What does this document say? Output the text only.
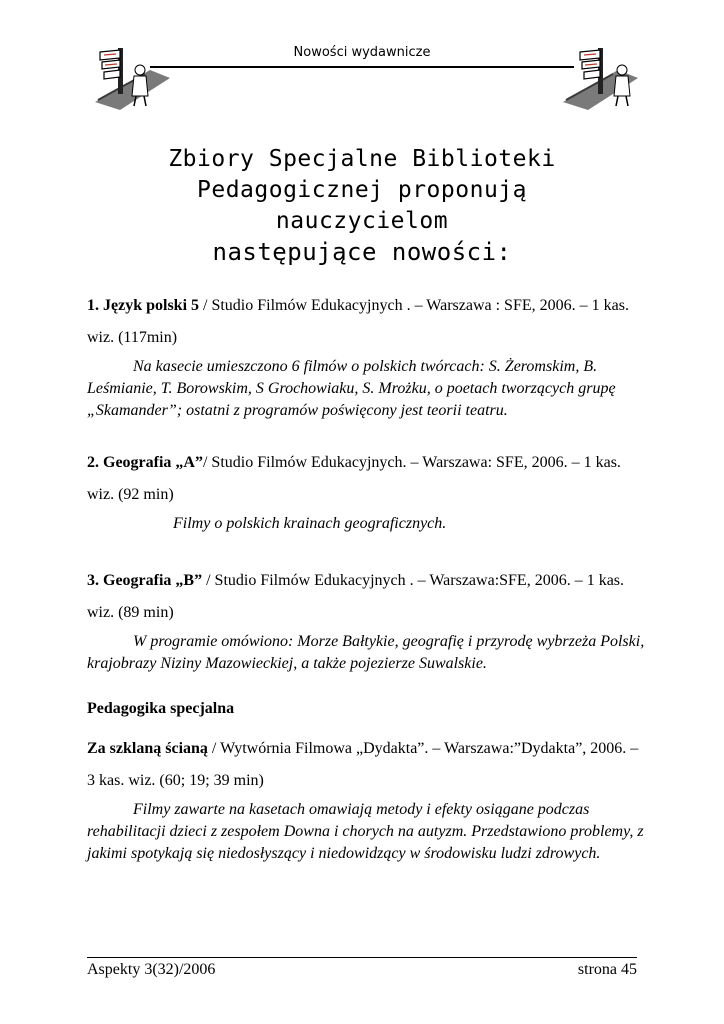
Nowości wydawnicze
Zbiory Specjalne Biblioteki
Pedagogicznej proponują
nauczycielom
następujące nowości:
1. Język polski 5 / Studio Filmów Edukacyjnych . – Warszawa : SFE, 2006. – 1 kas. wiz. (117min)
Na kasecie umieszczono 6 filmów o polskich twórcach: S. Żeromskim, B. Leśmianie, T. Borowskim, S Grochowiaku, S. Mrożku, o poetach tworzących grupę „Skamander”; ostatni z programów poświęcony jest teorii teatru.
2. Geografia „A”/ Studio Filmów Edukacyjnych. – Warszawa: SFE, 2006. – 1 kas. wiz. (92 min)
Filmy o polskich krainach geograficznych.
3. Geografia „B” / Studio Filmów Edukacyjnych . – Warszawa:SFE, 2006. – 1 kas. wiz. (89 min)
W programie omówiono: Morze Bałtykie, geografię i przyrodę wybrzeża Polski, krajobrazy Niziny Mazowieckiej, a także pojezierze Suwalskie.
Pedagogika specjalna
Za szklaną ścianą / Wytwórnia Filmowa „Dydakta”. – Warszawa:”Dydakta”, 2006. – 3 kas. wiz. (60; 19; 39 min)
Filmy zawarte na kasetach omawiają metody i efekty osiągane podczas rehabilitacji dzieci z zespołem Downa i chorych na autyzm. Przedstawiono problemy, z jakimi spotykają się niedosłyszący i niedowidzący w środowisku ludzi zdrowych.
Aspekty 3(32)/2006	strona 45
